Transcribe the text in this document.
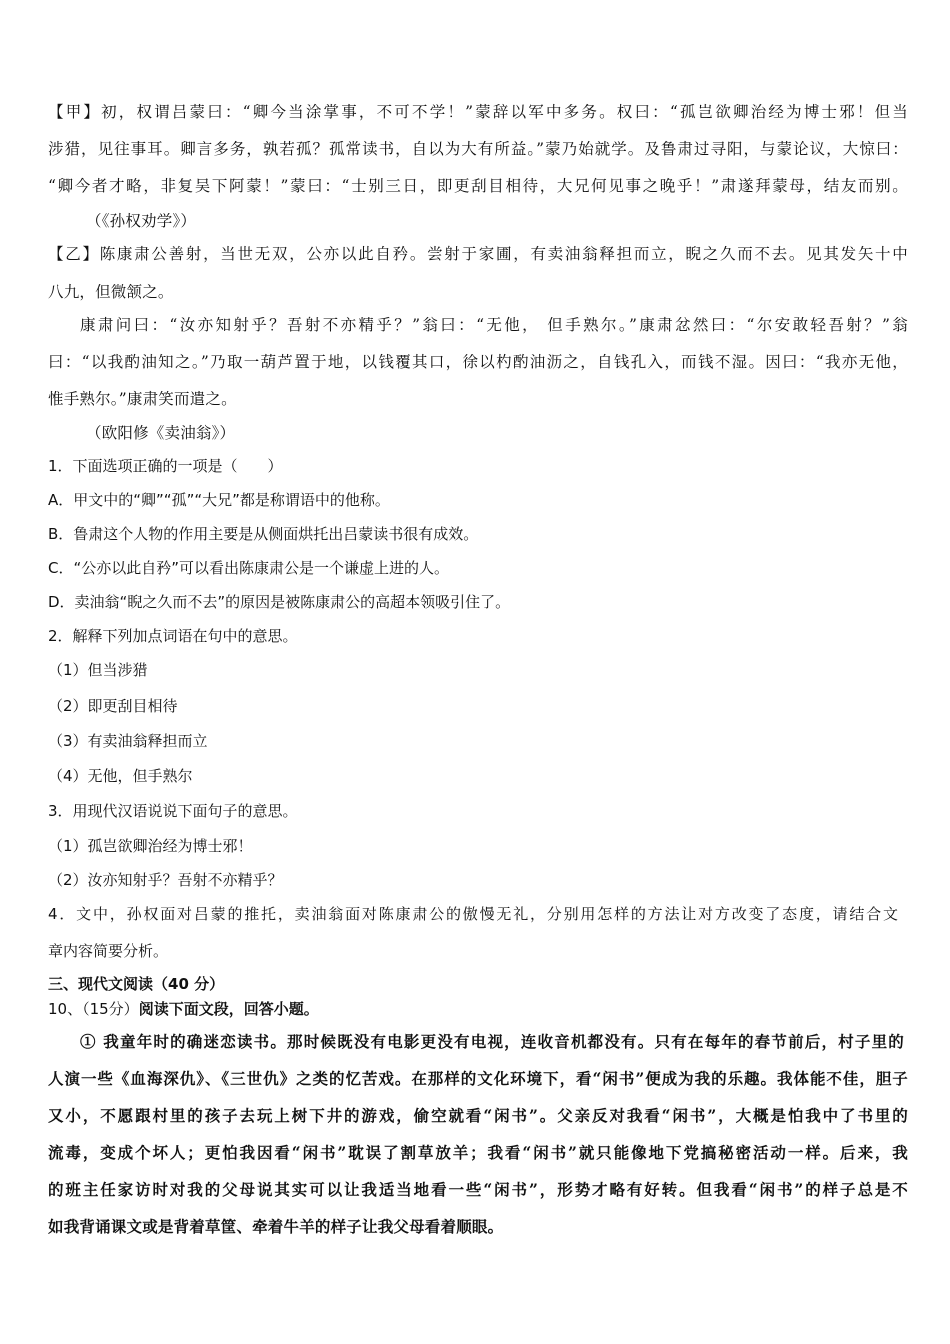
【甲】初，权谓吕蒙曰：“卿今当涂掌事，不可不学！”蒙辞以军中多务。权曰：“孤岂欲卿治经为博士邪！但当
涉猎，见往事耳。卿言多务，孰若孤？孤常读书，自以为大有所益。”蒙乃始就学。及鲁肃过寻阳，与蒙论议，大惊曰：
“卿今者才略，非复吴下阿蒙！”蒙曰：“士别三日，即更刮目相待，大兄何见事之晚乎！”肃遂拜蒙母，结友而别。
（《孙权劝学》）
【乙】陈康肃公善射，当世无双，公亦以此自矜。尝射于家圃，有卖油翁释担而立，睨之久而不去。见其发矢十中
八九，但微颔之。
康肃问曰：“汝亦知射乎？吾射不亦精乎？”翁曰：“无他， 但手熟尔。”康肃忿然曰：“尔安敢轻吾射？”翁
曰：“以我酌油知之。”乃取一葫芦置于地，以钱覆其口，徐以杓酌油沥之，自钱孔入，而钱不湿。因曰：“我亦无他，
惟手熟尔。”康肃笑而遣之。
（欧阳修《卖油翁》）
1．下面选项正确的一项是（　　）
A．甲文中的“卿”“孤”“大兄”都是称谓语中的他称。
B．鲁肃这个人物的作用主要是从侧面烘托出吕蒙读书很有成效。
C．“公亦以此自矜”可以看出陈康肃公是一个谦虚上进的人。
D．卖油翁“睨之久而不去”的原因是被陈康肃公的高超本领吸引住了。
2．解释下列加点词语在句中的意思。
（1）但当涉猎
（2）即更刮目相待
（3）有卖油翁释担而立
（4）无他，但手熟尔
3．用现代汉语说说下面句子的意思。
（1）孤岂欲卿治经为博士邪！
（2）汝亦知射乎？吾射不亦精乎？
4．文中，孙权面对吕蒙的推托，卖油翁面对陈康肃公的傲慢无礼，分别用怎样的方法让对方改变了态度，请结合文
章内容简要分析。
三、现代文阅读（40 分）
10、（15分）阅读下面文段，回答小题。
① 我童年时的确迷恋读书。那时候既没有电影更没有电视，连收音机都没有。只有在每年的春节前后，村子里的
人演一些《血海深仇》、《三世仇》之类的忆苦戏。在那样的文化环境下，看“闲书”便成为我的乐趣。我体能不佳，胆子
又小，不愿跟村里的孩子去玩上树下井的游戏，偷空就看“闲书”。父亲反对我看“闲书”，大概是怕我中了书里的
流毒，变成个坏人；更怕我因看“闲书”耽误了割草放羊；我看“闲书”就只能像地下党搞秘密活动一样。后来，我
的班主任家访时对我的父母说其实可以让我适当地看一些“闲书”，形势才略有好转。但我看“闲书”的样子总是不
如我背诵课文或是背着草筐、牵着牛羊的样子让我父母看着顺眼。
